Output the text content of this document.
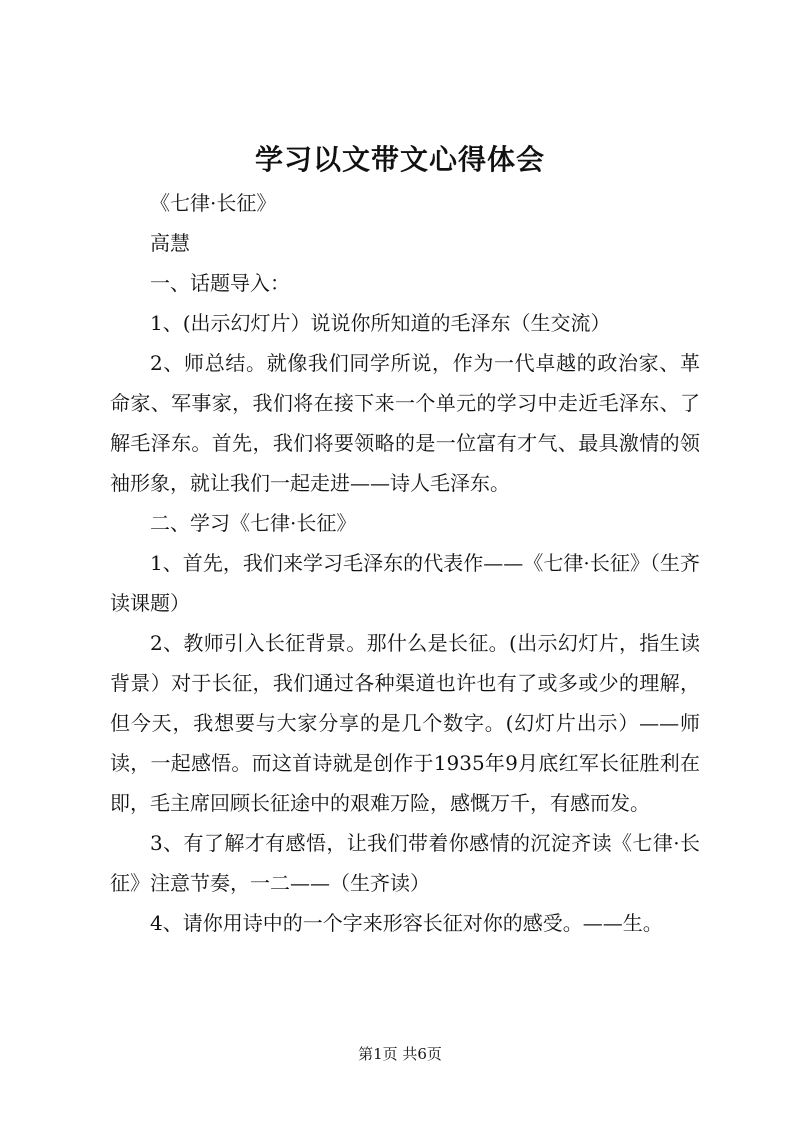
学习以文带文心得体会

《七律·长征》

高慧

一、话题导入：

1、(出示幻灯片）说说你所知道的毛泽东（生交流）

2、师总结。就像我们同学所说，作为一代卓越的政治家、革命家、军事家，我们将在接下来一个单元的学习中走近毛泽东、了解毛泽东。首先，我们将要领略的是一位富有才气、最具激情的领袖形象，就让我们一起走进——诗人毛泽东。

二、学习《七律·长征》

1、首先，我们来学习毛泽东的代表作——《七律·长征》（生齐读课题）

2、教师引入长征背景。那什么是长征。(出示幻灯片，指生读背景）对于长征，我们通过各种渠道也许也有了或多或少的理解，但今天，我想要与大家分享的是几个数字。(幻灯片出示）——师读，一起感悟。而这首诗就是创作于1935年9月底红军长征胜利在即，毛主席回顾长征途中的艰难万险，感慨万千，有感而发。

3、有了解才有感悟，让我们带着你感情的沉淀齐读《七律·长征》注意节奏，一二——（生齐读）

4、请你用诗中的一个字来形容长征对你的感受。——生。

第1页 共6页
